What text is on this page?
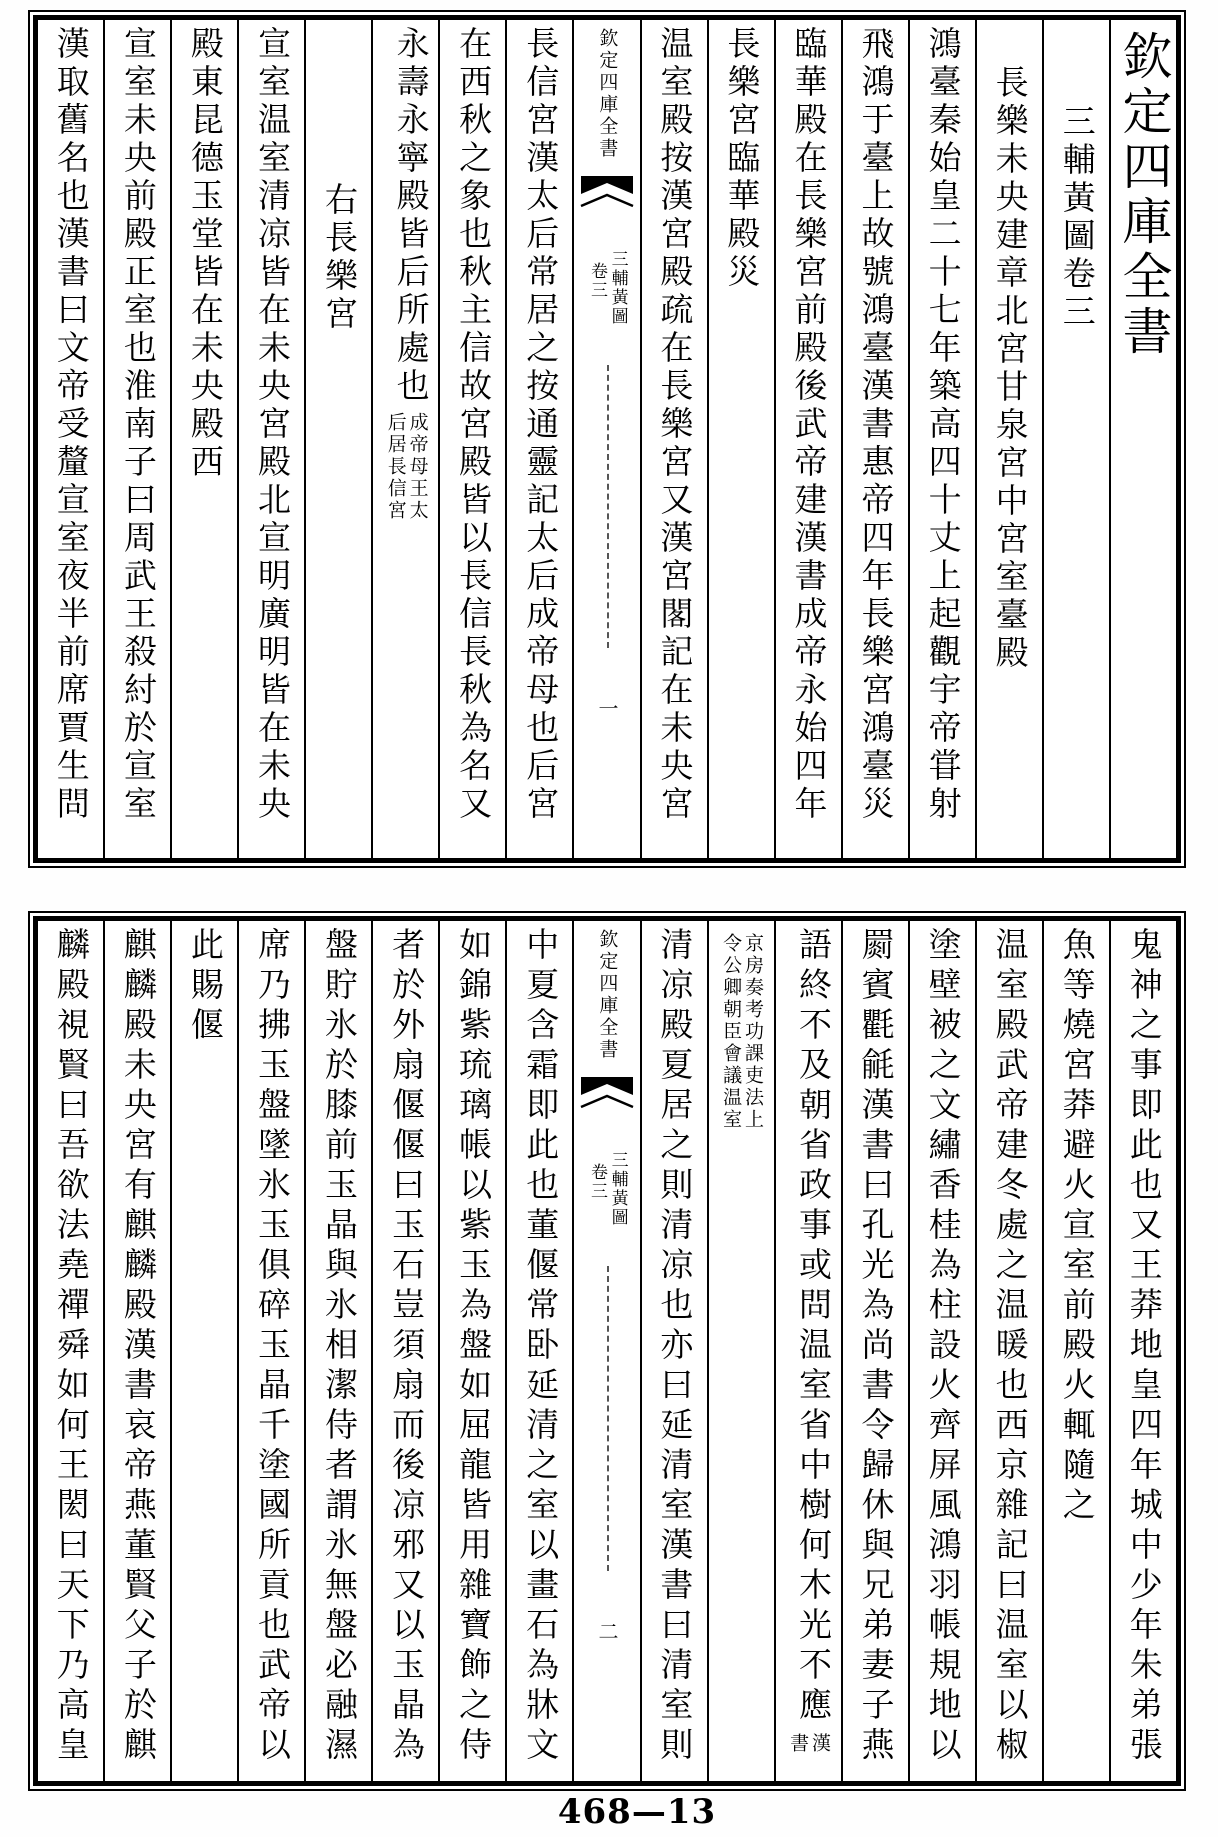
欽定四庫全書
三輔黃圖卷三
長樂未央建章北宮甘泉宮中宮室臺殿
鴻臺秦始皇二十七年築高四十丈上起觀宇帝甞射
飛鴻于臺上故號鴻臺漢書惠帝四年長樂宮鴻臺災
臨華殿在長樂宮前殿後武帝建漢書成帝永始四年
長樂宮臨華殿災
温室殿按漢宮殿疏在長樂宮又漢宮閣記在未央宮
欽定四庫全書
三輔黃圖
卷三
一
長信宮漢太后常居之按通靈記太后成帝母也后宮
在西秋之象也秋主信故宮殿皆以長信長秋為名又
永壽永寧殿皆后所處也
成帝母王太
后居長信宮
右長樂宮
宣室温室清凉皆在未央宮殿北宣明廣明皆在未央
殿東昆德玉堂皆在未央殿西
宣室未央前殿正室也淮南子曰周武王殺紂於宣室
漢取舊名也漢書曰文帝受釐宣室夜半前席賈生問
鬼神之事即此也又王莽地皇四年城中少年朱弟張
魚等燒宮莽避火宣室前殿火輒隨之
温室殿武帝建冬處之温暖也西京雜記曰温室以椒
塗壁被之文繡香桂為柱設火齊屏風鴻羽帳規地以
罽賓氍毹漢書曰孔光為尚書令歸休與兄弟妻子燕
語終不及朝省政事或問温室省中樹何木光不應
漢
書
京房奏考功課吏法上
令公卿朝臣會議温室
清凉殿夏居之則清凉也亦曰延清室漢書曰清室則
欽定四庫全書
三輔黃圖
卷三
二
中夏含霜即此也董偃常卧延清之室以畫石為牀文
如錦紫琉璃帳以紫玉為盤如屈龍皆用雜寶飾之侍
者於外扇偃偃曰玉石豈須扇而後凉邪又以玉晶為
盤貯氷於膝前玉晶與氷相潔侍者謂氷無盤必融濕
席乃拂玉盤墜氷玉俱碎玉晶千塗國所貢也武帝以
此賜偃
麒麟殿未央宮有麒麟殿漢書哀帝燕董賢父子於麒
麟殿視賢曰吾欲法堯禪舜如何王閎曰天下乃高皇
468—13
